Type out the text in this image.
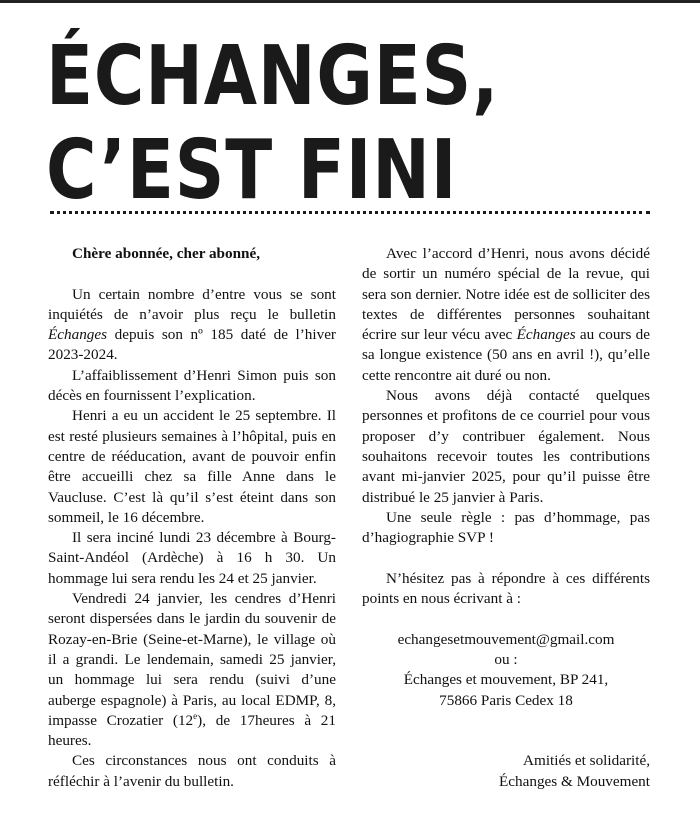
ÉCHANGES,
C’EST FINI

Chère abonnée, cher abonné,

Un certain nombre d’entre vous se sont inquiétés de n’avoir plus reçu le bulletin Échanges depuis son nº 185 daté de l’hiver 2023-2024.

L’affaiblissement d’Henri Simon puis son décès en fournissent l’explication.

Henri a eu un accident le 25 septembre. Il est resté plusieurs semaines à l’hôpital, puis en centre de rééducation, avant de pouvoir enfin être accueilli chez sa fille Anne dans le Vaucluse. C’est là qu’il s’est éteint dans son sommeil, le 16 décembre.

Il sera inciné lundi 23 décembre à Bourg-Saint-Andéol (Ardèche) à 16 h 30. Un hommage lui sera rendu les 24 et 25 janvier.

Vendredi 24 janvier, les cendres d’Henri seront dispersées dans le jardin du souvenir de Rozay-en-Brie (Seine-et-Marne), le village où il a grandi. Le lendemain, samedi 25 janvier, un hommage lui sera rendu (suivi d’une auberge espagnole) à Paris, au local EDMP, 8, impasse Crozatier (12e), de 17heures à 21 heures.

Ces circonstances nous ont conduits à réfléchir à l’avenir du bulletin.

Avec l’accord d’Henri, nous avons décidé de sortir un numéro spécial de la revue, qui sera son dernier. Notre idée est de solliciter des textes de différentes personnes souhaitant écrire sur leur vécu avec Échanges au cours de sa longue existence (50 ans en avril !), qu’elle cette rencontre ait duré ou non.

Nous avons déjà contacté quelques personnes et profitons de ce courriel pour vous proposer d’y contribuer également. Nous souhaitons recevoir toutes les contributions avant mi-janvier 2025, pour qu’il puisse être distribué le 25 janvier à Paris.

Une seule règle : pas d’hommage, pas d’hagiographie SVP !

N’hésitez pas à répondre à ces différents points en nous écrivant à :

echangesetmouvement@gmail.com

ou :

Échanges et mouvement, BP 241,

75866 Paris Cedex 18

Amitiés et solidarité,

Échanges & Mouvement
